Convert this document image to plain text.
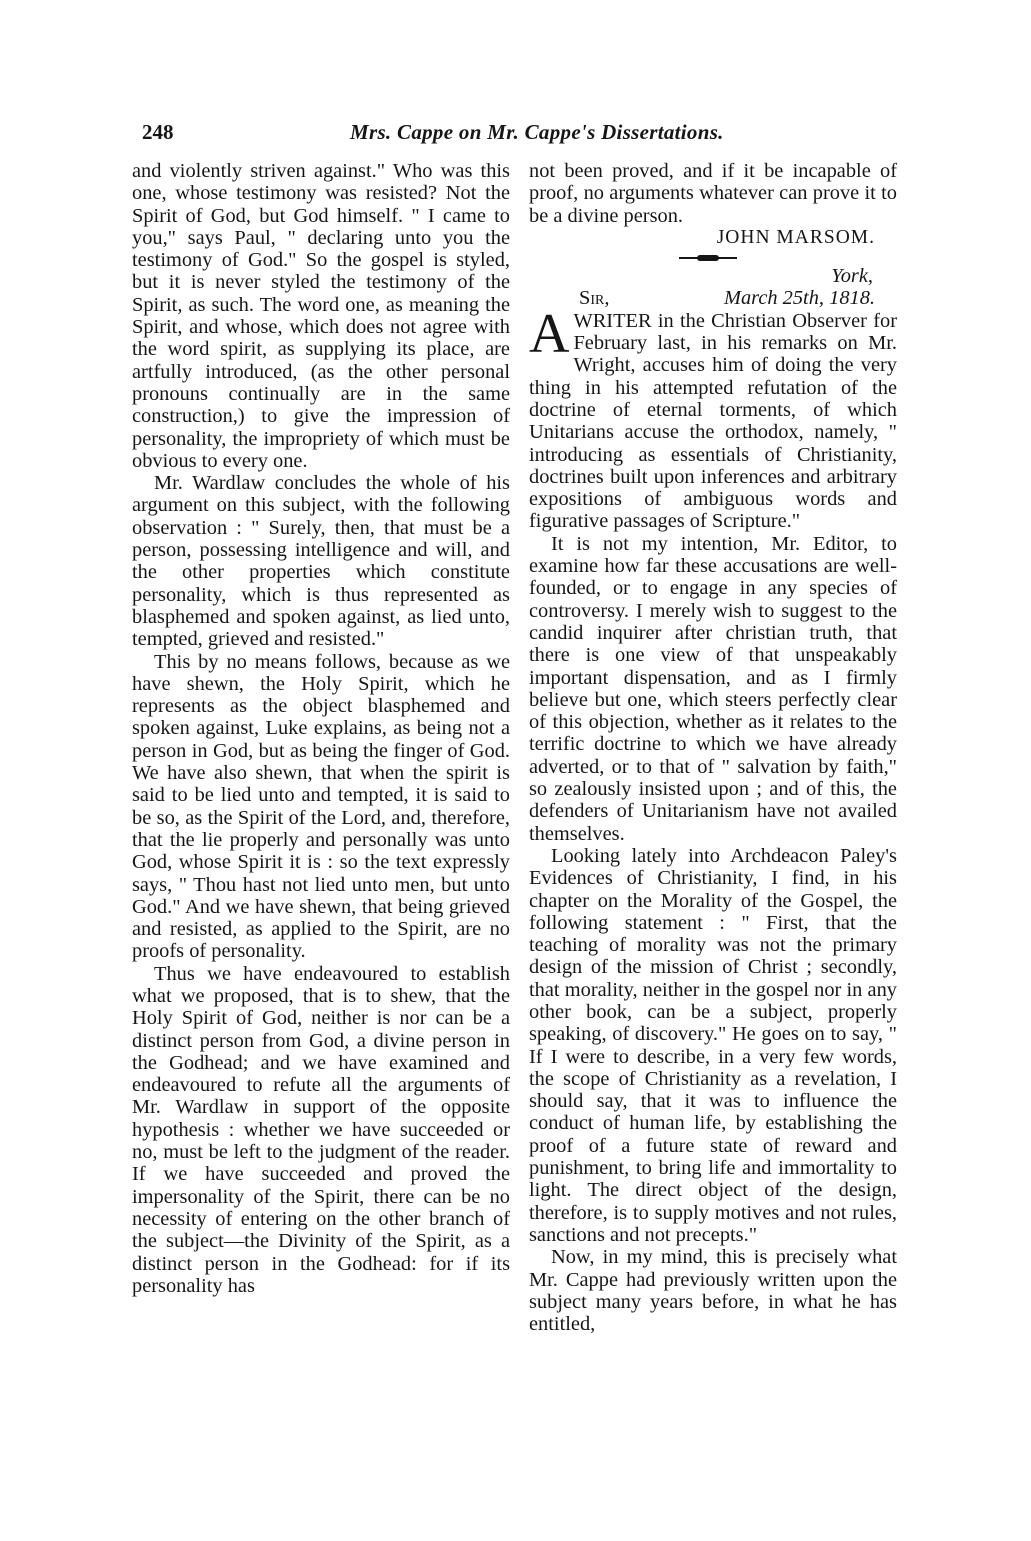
248	Mrs. Cappe on Mr. Cappe's Dissertations.

and violently striven against." Who was this one, whose testimony was resisted? Not the Spirit of God, but God himself. " I came to you," says Paul, " declaring unto you the testimony of God." So the gospel is styled, but it is never styled the testimony of the Spirit, as such. The word one, as meaning the Spirit, and whose, which does not agree with the word spirit, as supplying its place, are artfully introduced, (as the other personal pronouns continually are in the same construction,) to give the impression of personality, the impropriety of which must be obvious to every one.

Mr. Wardlaw concludes the whole of his argument on this subject, with the following observation : " Surely, then, that must be a person, possessing intelligence and will, and the other properties which constitute personality, which is thus represented as blasphemed and spoken against, as lied unto, tempted, grieved and resisted."

This by no means follows, because as we have shewn, the Holy Spirit, which he represents as the object blasphemed and spoken against, Luke explains, as being not a person in God, but as being the finger of God. We have also shewn, that when the spirit is said to be lied unto and tempted, it is said to be so, as the Spirit of the Lord, and, therefore, that the lie properly and personally was unto God, whose Spirit it is : so the text expressly says, " Thou hast not lied unto men, but unto God." And we have shewn, that being grieved and resisted, as applied to the Spirit, are no proofs of personality.

Thus we have endeavoured to establish what we proposed, that is to shew, that the Holy Spirit of God, neither is nor can be a distinct person from God, a divine person in the Godhead; and we have examined and endeavoured to refute all the arguments of Mr. Wardlaw in support of the opposite hypothesis : whether we have succeeded or no, must be left to the judgment of the reader. If we have succeeded and proved the impersonality of the Spirit, there can be no necessity of entering on the other branch of the subject—the Divinity of the Spirit, as a distinct person in the Godhead: for if its personality has

not been proved, and if it be incapable of proof, no arguments whatever can prove it to be a divine person.

JOHN MARSOM.

York,

Sir,	March 25th, 1818.

AWRITER in the Christian Observer for February last, in his remarks on Mr. Wright, accuses him of doing the very thing in his attempted refutation of the doctrine of eternal torments, of which Unitarians accuse the orthodox, namely, " introducing as essentials of Christianity, doctrines built upon inferences and arbitrary expositions of ambiguous words and figurative passages of Scripture."

It is not my intention, Mr. Editor, to examine how far these accusations are well-founded, or to engage in any species of controversy. I merely wish to suggest to the candid inquirer after christian truth, that there is one view of that unspeakably important dispensation, and as I firmly believe but one, which steers perfectly clear of this objection, whether as it relates to the terrific doctrine to which we have already adverted, or to that of " salvation by faith," so zealously insisted upon ; and of this, the defenders of Unitarianism have not availed themselves.

Looking lately into Archdeacon Paley's Evidences of Christianity, I find, in his chapter on the Morality of the Gospel, the following statement : " First, that the teaching of morality was not the primary design of the mission of Christ ; secondly, that morality, neither in the gospel nor in any other book, can be a subject, properly speaking, of discovery." He goes on to say, " If I were to describe, in a very few words, the scope of Christianity as a revelation, I should say, that it was to influence the conduct of human life, by establishing the proof of a future state of reward and punishment, to bring life and immortality to light. The direct object of the design, therefore, is to supply motives and not rules, sanctions and not precepts."

Now, in my mind, this is precisely what Mr. Cappe had previously written upon the subject many years before, in what he has entitled,
